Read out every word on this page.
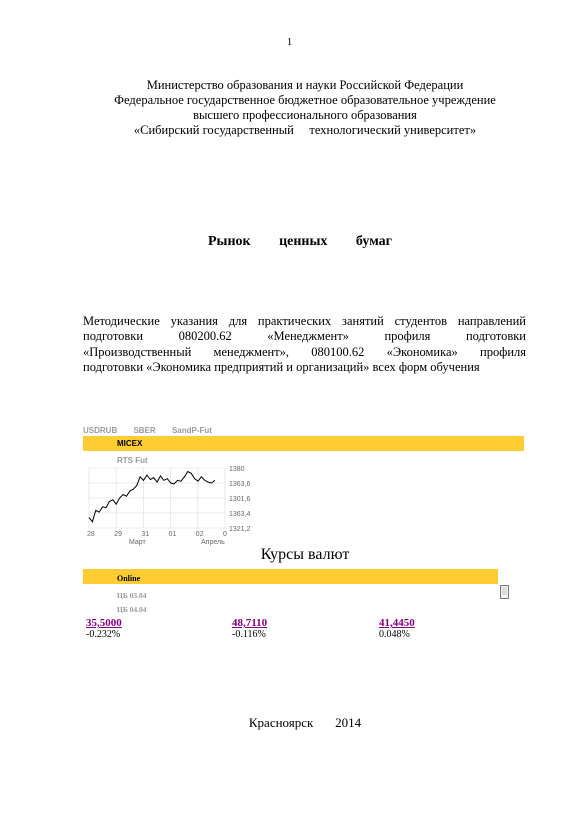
1
Министерство образования и науки Российской Федерации
Федеральное государственное бюджетное образовательное учреждение
высшего профессионального образования
«Сибирский государственный     технологический университет»
Рынок   ценных   бумаг
Методические указания для практических занятий студентов направлений
подготовки 080200.62 «Менеджмент» профиля подготовки
«Производственный менеджмент», 080100.62 «Экономика» профиля
подготовки «Экономика предприятий и организаций» всех форм обучения
USDRUB SBER SandP-Fut
MICEX
RTS Fut
1380
1363,6
1301,6
1363,4
1321,2
28	29	31	01	02	0
Март	Апрель
Курсы валют
Online
ЦБ 03.04
ЦБ 04.04
35,5000
-0.232%
48,7110
-0.116%
41,4450
0.048%
Красноярск   2014
